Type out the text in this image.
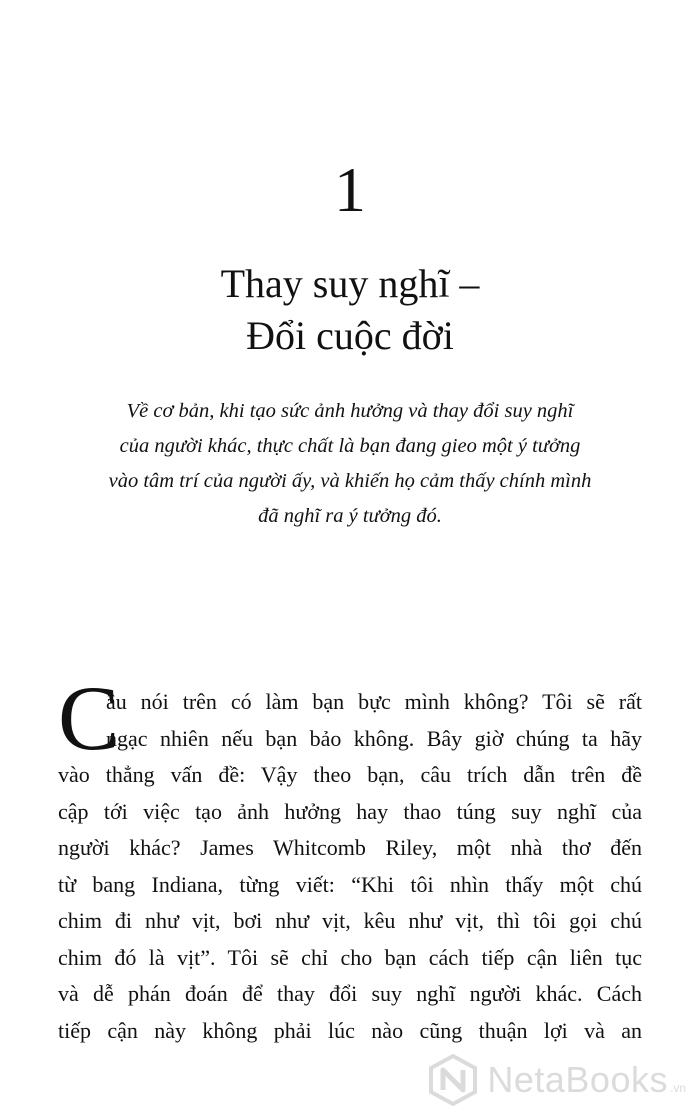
1
Thay suy nghĩ –
Đổi cuộc đời
Về cơ bản, khi tạo sức ảnh hưởng và thay đổi suy nghĩ
của người khác, thực chất là bạn đang gieo một ý tưởng
vào tâm trí của người ấy, và khiến họ cảm thấy chính mình
đã nghĩ ra ý tưởng đó.
C
âu nói trên có làm bạn bực mình không? Tôi sẽ rất
ngạc nhiên nếu bạn bảo không. Bây giờ chúng ta hãy
vào thẳng vấn đề: Vậy theo bạn, câu trích dẫn trên đề
cập tới việc tạo ảnh hưởng hay thao túng suy nghĩ của
người khác? James Whitcomb Riley, một nhà thơ đến
từ bang Indiana, từng viết: “Khi tôi nhìn thấy một chú
chim đi như vịt, bơi như vịt, kêu như vịt, thì tôi gọi chú
chim đó là vịt”. Tôi sẽ chỉ cho bạn cách tiếp cận liên tục
và dễ phán đoán để thay đổi suy nghĩ người khác. Cách
tiếp cận này không phải lúc nào cũng thuận lợi và an
NetaBooks .vn
